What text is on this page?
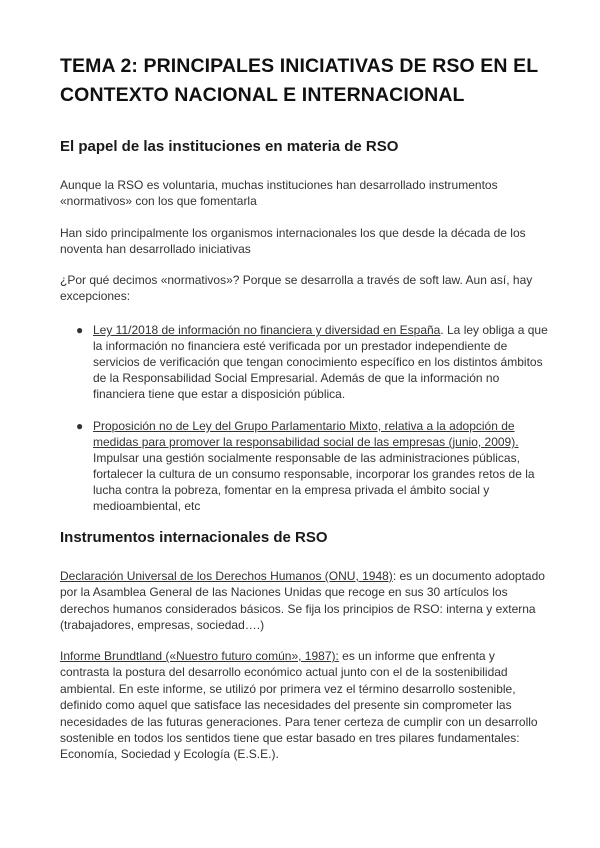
TEMA 2: PRINCIPALES INICIATIVAS DE RSO EN EL CONTEXTO NACIONAL E INTERNACIONAL
El papel de las instituciones en materia de RSO

Aunque la RSO es voluntaria, muchas instituciones han desarrollado instrumentos «normativos» con los que fomentarla

Han sido principalmente los organismos internacionales los que desde la década de los noventa han desarrollado iniciativas

¿Por qué decimos «normativos»? Porque se desarrolla a través de soft law. Aun así, hay excepciones:

● Ley 11/2018 de información no financiera y diversidad en España. La ley obliga a que la información no financiera esté verificada por un prestador independiente de servicios de verificación que tengan conocimiento específico en los distintos ámbitos de la Responsabilidad Social Empresarial. Además de que la información no financiera tiene que estar a disposición pública.
● Proposición no de Ley del Grupo Parlamentario Mixto, relativa a la adopción de medidas para promover la responsabilidad social de las empresas (junio, 2009). Impulsar una gestión socialmente responsable de las administraciones públicas, fortalecer la cultura de un consumo responsable, incorporar los grandes retos de la lucha contra la pobreza, fomentar en la empresa privada el ámbito social y medioambiental, etc
Instrumentos internacionales de RSO

Declaración Universal de los Derechos Humanos (ONU, 1948): es un documento adoptado por la Asamblea General de las Naciones Unidas que recoge en sus 30 artículos los derechos humanos considerados básicos. Se fija los principios de RSO: interna y externa (trabajadores, empresas, sociedad….)

Informe Brundtland («Nuestro futuro común», 1987): es un informe que enfrenta y contrasta la postura del desarrollo económico actual junto con el de la sostenibilidad ambiental. En este informe, se utilizó por primera vez el término desarrollo sostenible, definido como aquel que satisface las necesidades del presente sin comprometer las necesidades de las futuras generaciones. Para tener certeza de cumplir con un desarrollo sostenible en todos los sentidos tiene que estar basado en tres pilares fundamentales: Economía, Sociedad y Ecología (E.S.E.).
